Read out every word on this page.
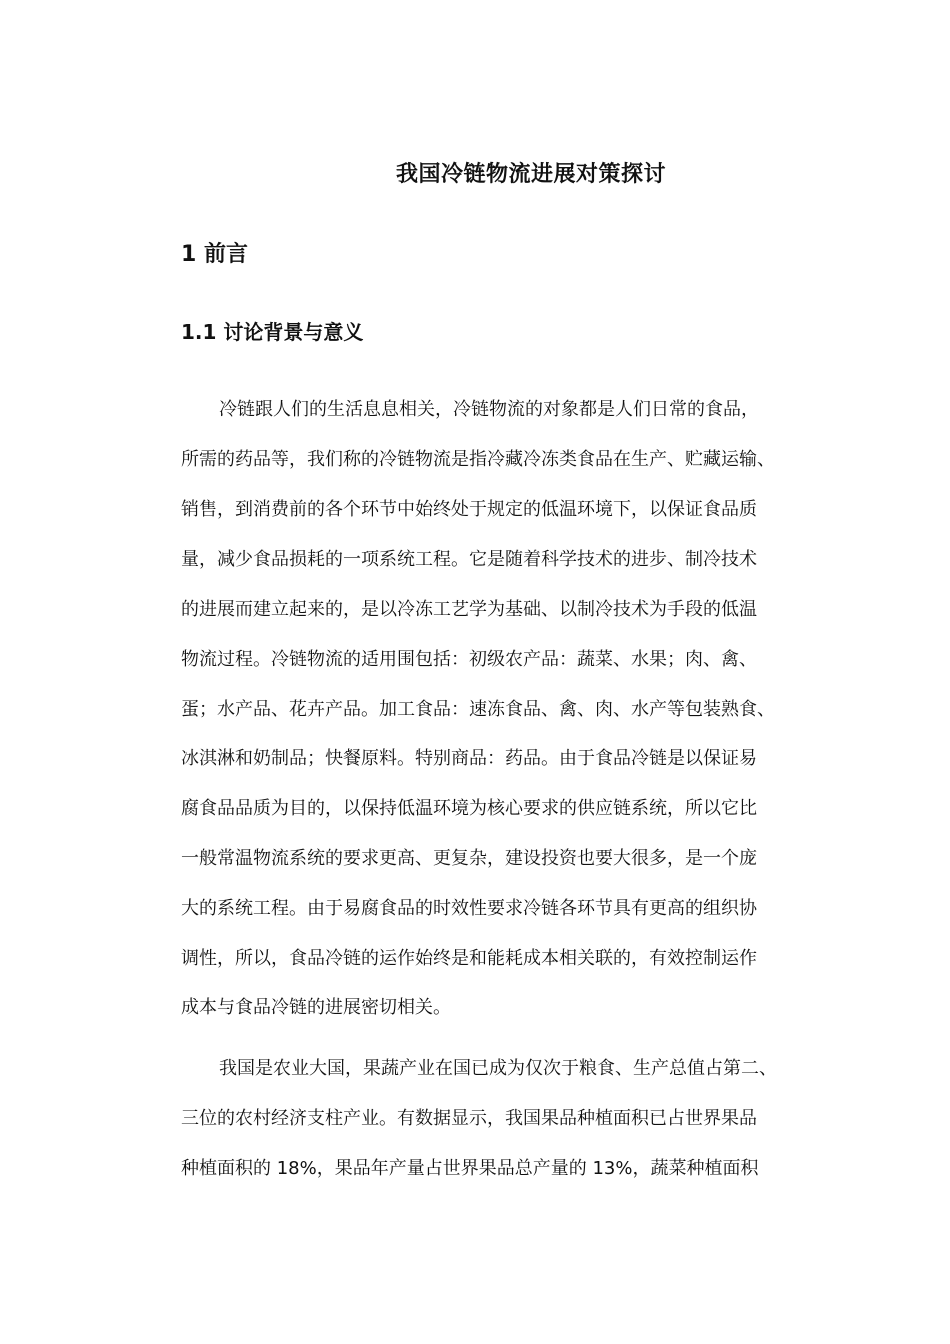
我国冷链物流进展对策探讨
1 前言
1.1 讨论背景与意义
冷链跟人们的生活息息相关，冷链物流的对象都是人们日常的食品，
所需的药品等，我们称的冷链物流是指冷藏冷冻类食品在生产、贮藏运输、
销售，到消费前的各个环节中始终处于规定的低温环境下，以保证食品质
量，减少食品损耗的一项系统工程。它是随着科学技术的进步、制冷技术
的进展而建立起来的，是以冷冻工艺学为基础、以制冷技术为手段的低温
物流过程。冷链物流的适用围包括：初级农产品：蔬菜、水果；肉、禽、
蛋；水产品、花卉产品。加工食品：速冻食品、禽、肉、水产等包装熟食、
冰淇淋和奶制品；快餐原料。特别商品：药品。由于食品冷链是以保证易
腐食品品质为目的，以保持低温环境为核心要求的供应链系统，所以它比
一般常温物流系统的要求更高、更复杂，建设投资也要大很多，是一个庞
大的系统工程。由于易腐食品的时效性要求冷链各环节具有更高的组织协
调性，所以，食品冷链的运作始终是和能耗成本相关联的，有效控制运作
成本与食品冷链的进展密切相关。
我国是农业大国，果蔬产业在国已成为仅次于粮食、生产总值占第二、
三位的农村经济支柱产业。有数据显示，我国果品种植面积已占世界果品
种植面积的 18%，果品年产量占世界果品总产量的 13%，蔬菜种植面积
